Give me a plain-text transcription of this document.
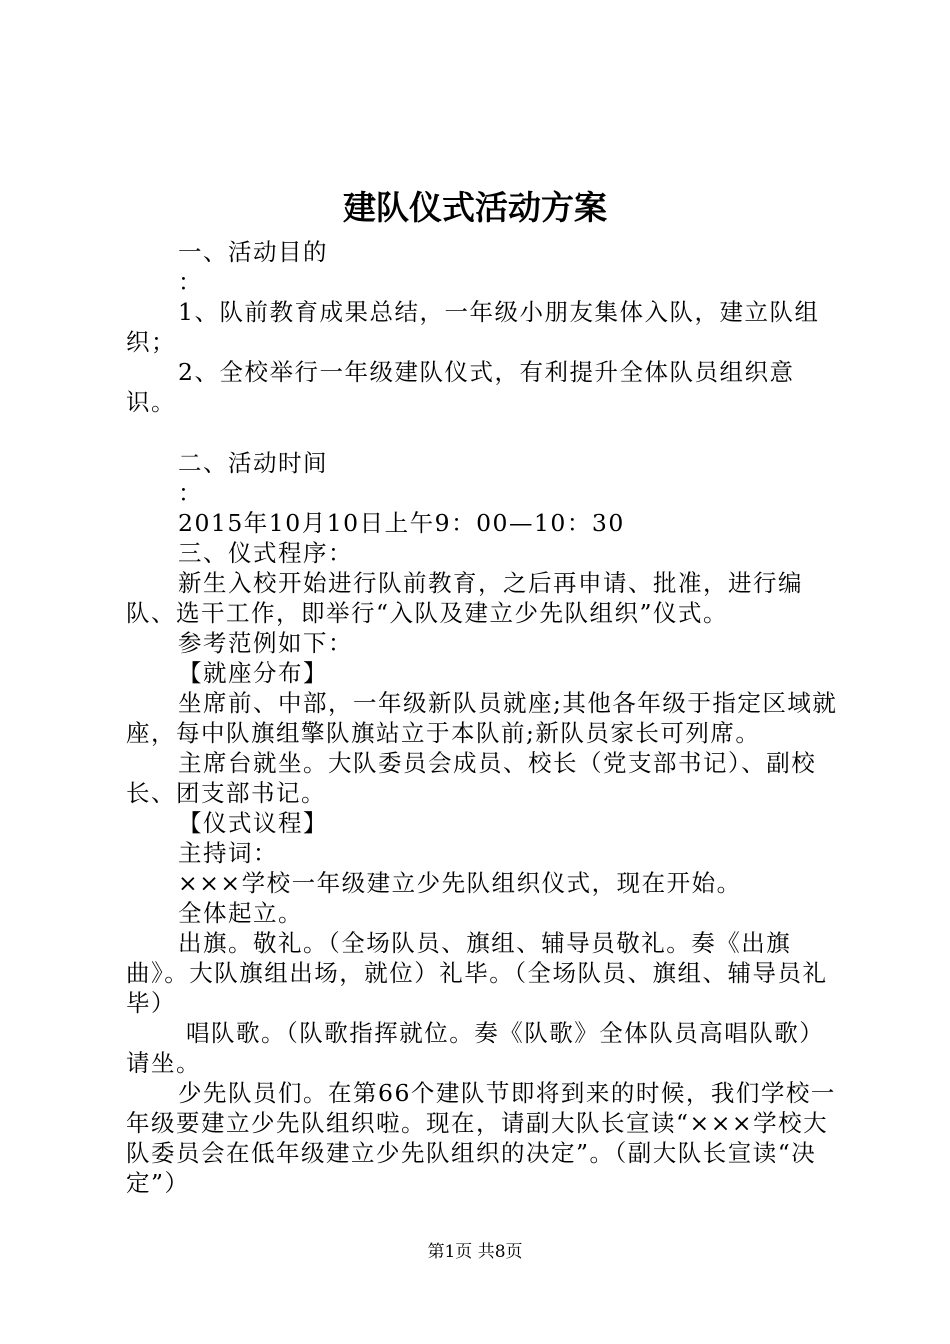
建队仪式活动方案

一、活动目的

：

1、队前教育成果总结，一年级小朋友集体入队，建立队组织；

2、全校举行一年级建队仪式，有利提升全体队员组织意识。

二、活动时间

：

2015年10月10日上午9：00—10：30

三、仪式程序：

新生入校开始进行队前教育，之后再申请、批准，进行编队、选干工作，即举行“入队及建立少先队组织”仪式。

参考范例如下：

【就座分布】

坐席前、中部，一年级新队员就座;其他各年级于指定区域就座，每中队旗组擎队旗站立于本队前;新队员家长可列席。

主席台就坐。大队委员会成员、校长（党支部书记）、副校长、团支部书记。

【仪式议程】

主持词：

×××学校一年级建立少先队组织仪式，现在开始。

全体起立。

出旗。敬礼。（全场队员、旗组、辅导员敬礼。奏《出旗曲》。大队旗组出场，就位）礼毕。（全场队员、旗组、辅导员礼毕）

唱队歌。（队歌指挥就位。奏《队歌》全体队员高唱队歌）请坐。

少先队员们。在第66个建队节即将到来的时候，我们学校一年级要建立少先队组织啦。现在，请副大队长宣读“×××学校大队委员会在低年级建立少先队组织的决定”。（副大队长宣读“决定”）

第1页 共8页
